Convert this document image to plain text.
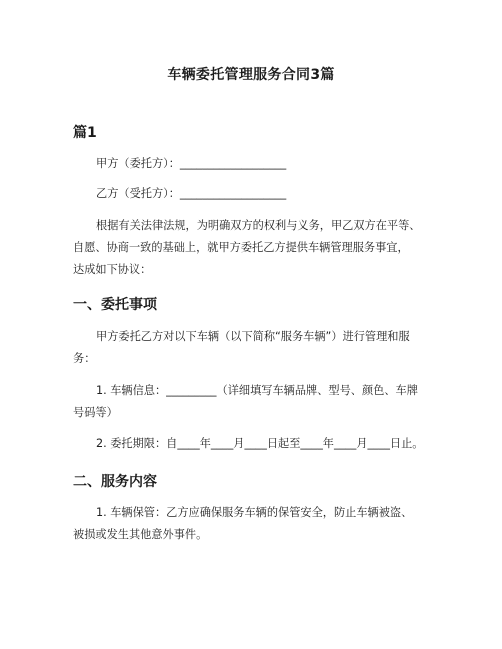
车辆委托管理服务合同3篇
篇1
甲方（委托方）：___________________
乙方（受托方）：___________________
根据有关法律法规，为明确双方的权利与义务，甲乙双方在平等、
自愿、协商一致的基础上，就甲方委托乙方提供车辆管理服务事宜，
达成如下协议：
一、委托事项
甲方委托乙方对以下车辆（以下简称“服务车辆”）进行管理和服
务：
1. 车辆信息：_________（详细填写车辆品牌、型号、颜色、车牌
号码等）
2. 委托期限：自____年____月____日起至____年____月____日止。
二、服务内容
1. 车辆保管：乙方应确保服务车辆的保管安全，防止车辆被盗、
被损或发生其他意外事件。
